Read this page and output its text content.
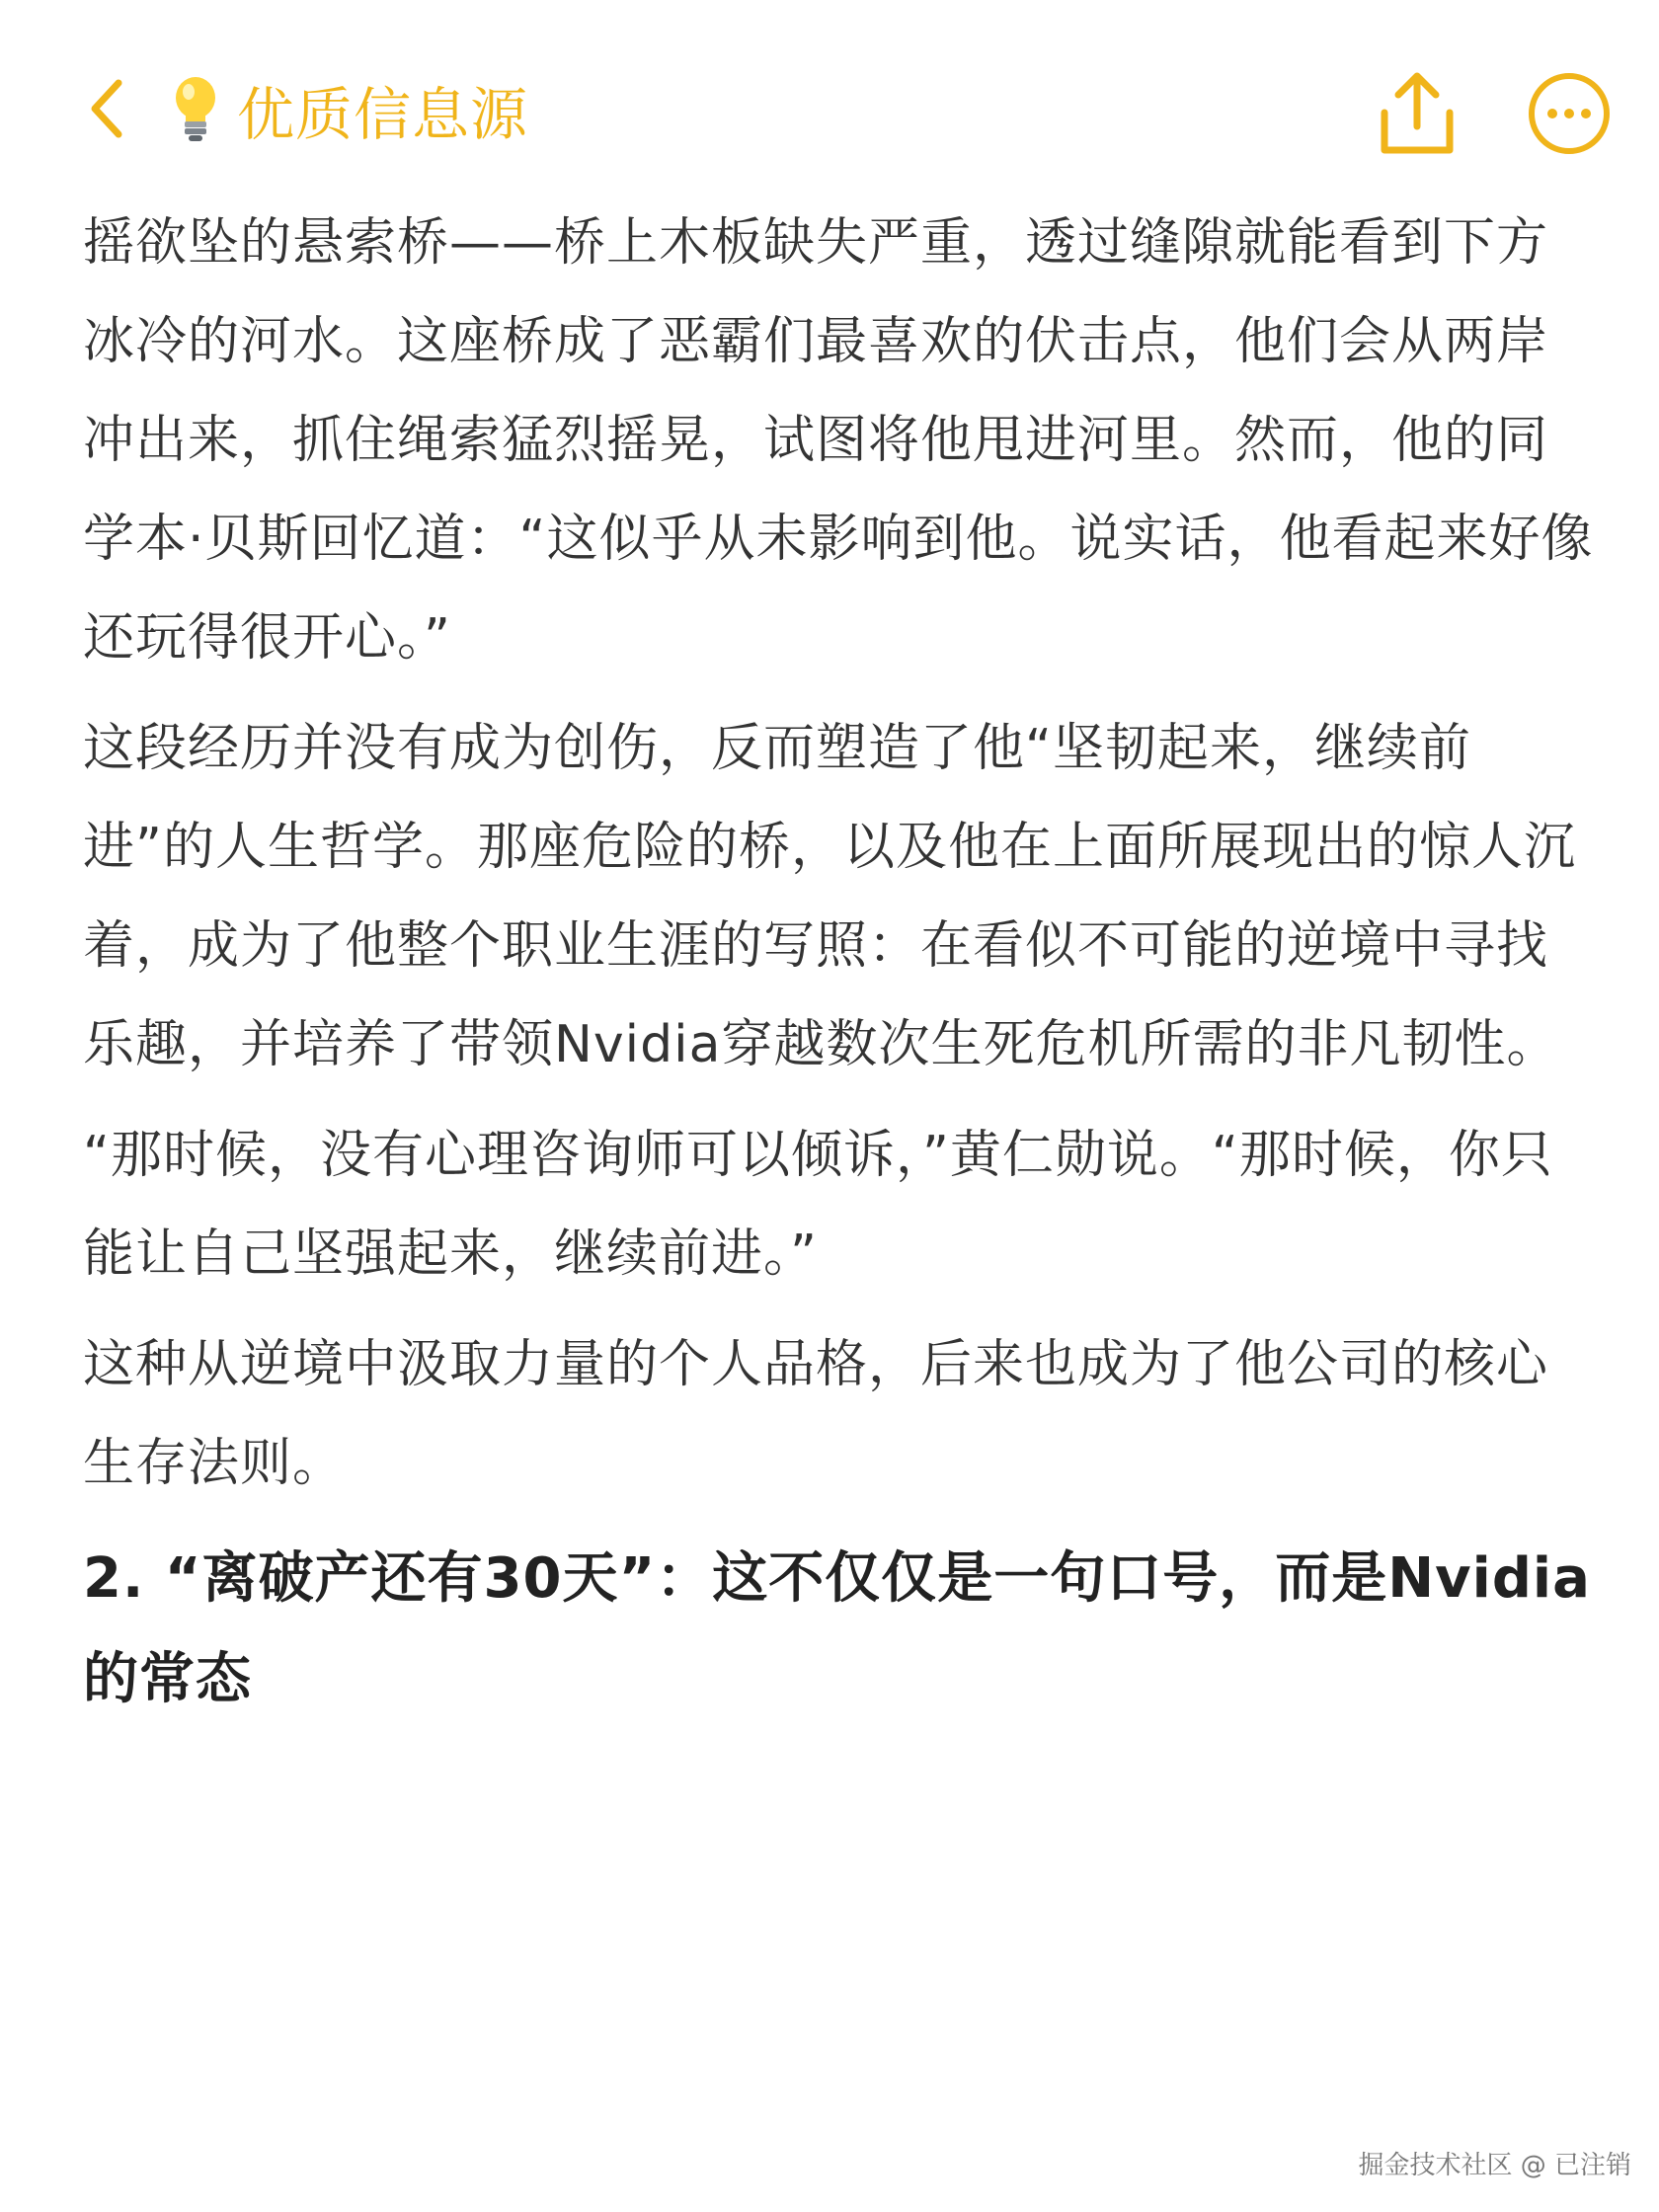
优质信息源

摇欲坠的悬索桥——桥上木板缺失严重，透过缝隙就能看到下方冰冷的河水。这座桥成了恶霸们最喜欢的伏击点，他们会从两岸冲出来，抓住绳索猛烈摇晃，试图将他甩进河里。然而，他的同学本·贝斯回忆道：“这似乎从未影响到他。说实话，他看起来好像还玩得很开心。”

这段经历并没有成为创伤，反而塑造了他“坚韧起来，继续前进”的人生哲学。那座危险的桥，以及他在上面所展现出的惊人沉着，成为了他整个职业生涯的写照：在看似不可能的逆境中寻找乐趣，并培养了带领Nvidia穿越数次生死危机所需的非凡韧性。

“那时候，没有心理咨询师可以倾诉，”黄仁勋说。“那时候，你只能让自己坚强起来，继续前进。”

这种从逆境中汲取力量的个人品格，后来也成为了他公司的核心生存法则。

2. “离破产还有30天”：这不仅仅是一句口号，而是Nvidia的常态
掘金技术社区 @ 已注销
